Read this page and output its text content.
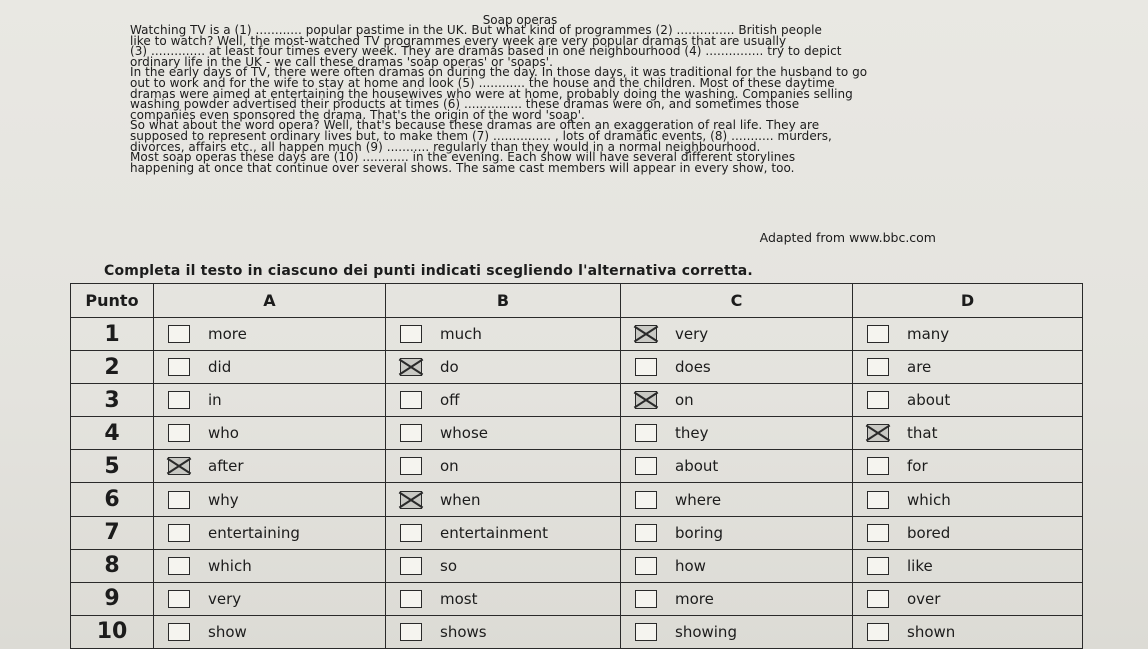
Soap operas

Watching TV is a (1) ............ popular pastime in the UK. But what kind of programmes (2) ............... British people

like to watch? Well, the most-watched TV programmes every week are very popular dramas that are usually

(3) .............. at least four times every week. They are dramas based in one neighbourhood (4) ............... try to depict

ordinary life in the UK - we call these dramas 'soap operas' or 'soaps'.

In the early days of TV, there were often dramas on during the day. In those days, it was traditional for the husband to go

out to work and for the wife to stay at home and look (5) ............ the house and the children. Most of these daytime

dramas were aimed at entertaining the housewives who were at home, probably doing the washing. Companies selling

washing powder advertised their products at times (6) ............... these dramas were on, and sometimes those

companies even sponsored the drama. That's the origin of the word 'soap'.

So what about the word opera? Well, that's because these dramas are often an exaggeration of real life. They are

supposed to represent ordinary lives but, to make them (7) ............... , lots of dramatic events, (8) ........... murders,

divorces, affairs etc., all happen much (9) ........... regularly than they would in a normal neighbourhood.

Most soap operas these days are (10) ............ in the evening. Each show will have several different storylines

happening at once that continue over several shows. The same cast members will appear in every show, too.

Adapted from www.bbc.com
Completa il testo in ciascuno dei punti indicati scegliendo l'alternativa corretta.
Punto	A	B	C	D
1	more	much	very	many

2	did	do	does	are

3	in	off	on	about

4	who	whose	they	that

5	after	on	about	for

6	why	when	where	which

7	entertaining	entertainment	boring	bored

8	which	so	how	like

9	very	most	more	over

10	show	shows	showing	shown
